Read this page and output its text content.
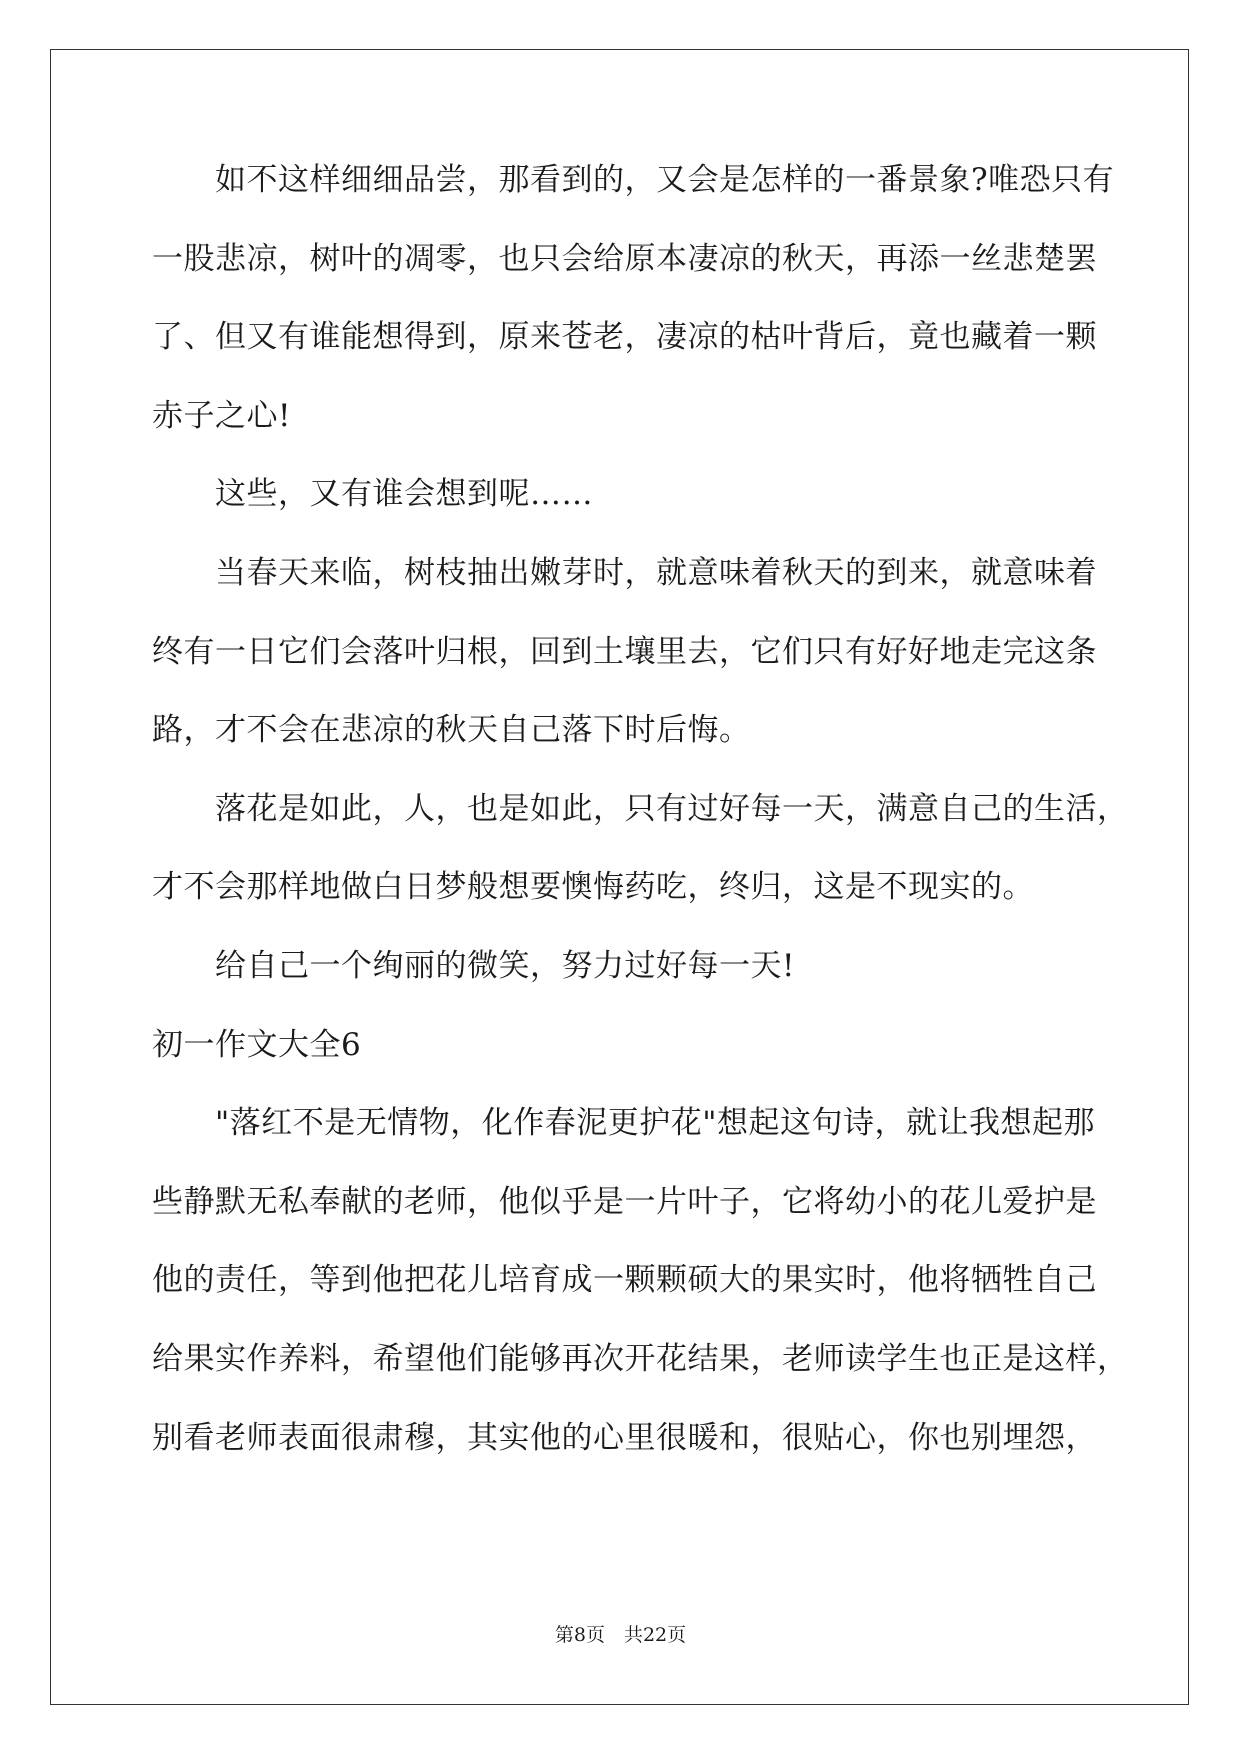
如不这样细细品尝，那看到的，又会是怎样的一番景象?唯恐只有
一股悲凉，树叶的凋零，也只会给原本凄凉的秋天，再添一丝悲楚罢
了、但又有谁能想得到，原来苍老，凄凉的枯叶背后，竟也藏着一颗
赤子之心!
这些，又有谁会想到呢……
当春天来临，树枝抽出嫩芽时，就意味着秋天的到来，就意味着
终有一日它们会落叶归根，回到土壤里去，它们只有好好地走完这条
路，才不会在悲凉的秋天自己落下时后悔。
落花是如此，人，也是如此，只有过好每一天，满意自己的生活，
才不会那样地做白日梦般想要懊悔药吃，终归，这是不现实的。
给自己一个绚丽的微笑，努力过好每一天!
初一作文大全6
"落红不是无情物，化作春泥更护花"想起这句诗，就让我想起那
些静默无私奉献的老师，他似乎是一片叶子，它将幼小的花儿爱护是
他的责任，等到他把花儿培育成一颗颗硕大的果实时，他将牺牲自己
给果实作养料，希望他们能够再次开花结果，老师读学生也正是这样，
别看老师表面很肃穆，其实他的心里很暖和，很贴心，你也别埋怨，
第8页　共22页
